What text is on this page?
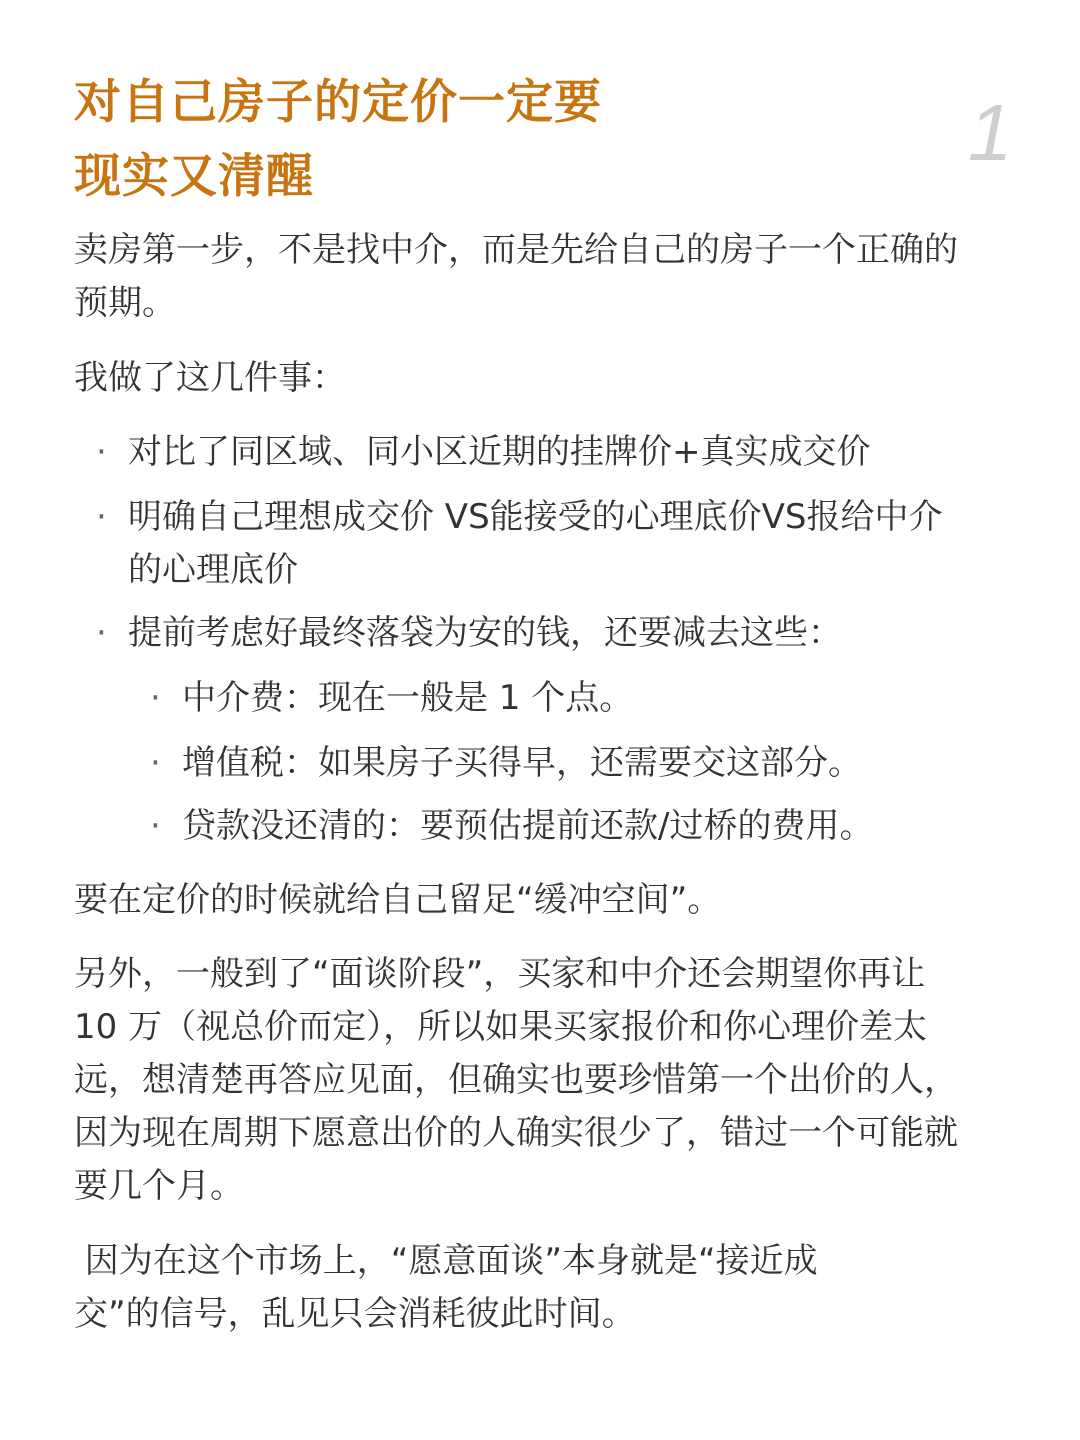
对自己房子的定价一定要
现实又清醒	1

卖房第一步，不是找中介，而是先给自己的房子一个正确的
预期。

我做了这几件事：

· 对比了同区域、同小区近期的挂牌价+真实成交价
· 明确自己理想成交价 VS能接受的心理底价VS报给中介
的心理底价
· 提前考虑好最终落袋为安的钱，还要减去这些：
· 中介费：现在一般是 1 个点。
· 增值税：如果房子买得早，还需要交这部分。
· 贷款没还清的：要预估提前还款/过桥的费用。

要在定价的时候就给自己留足“缓冲空间”。

另外，一般到了“面谈阶段”，买家和中介还会期望你再让
10 万（视总价而定），所以如果买家报价和你心理价差太
远，想清楚再答应见面，但确实也要珍惜第一个出价的人，
因为现在周期下愿意出价的人确实很少了，错过一个可能就
要几个月。

因为在这个市场上，“愿意面谈”本身就是“接近成
交”的信号，乱见只会消耗彼此时间。
